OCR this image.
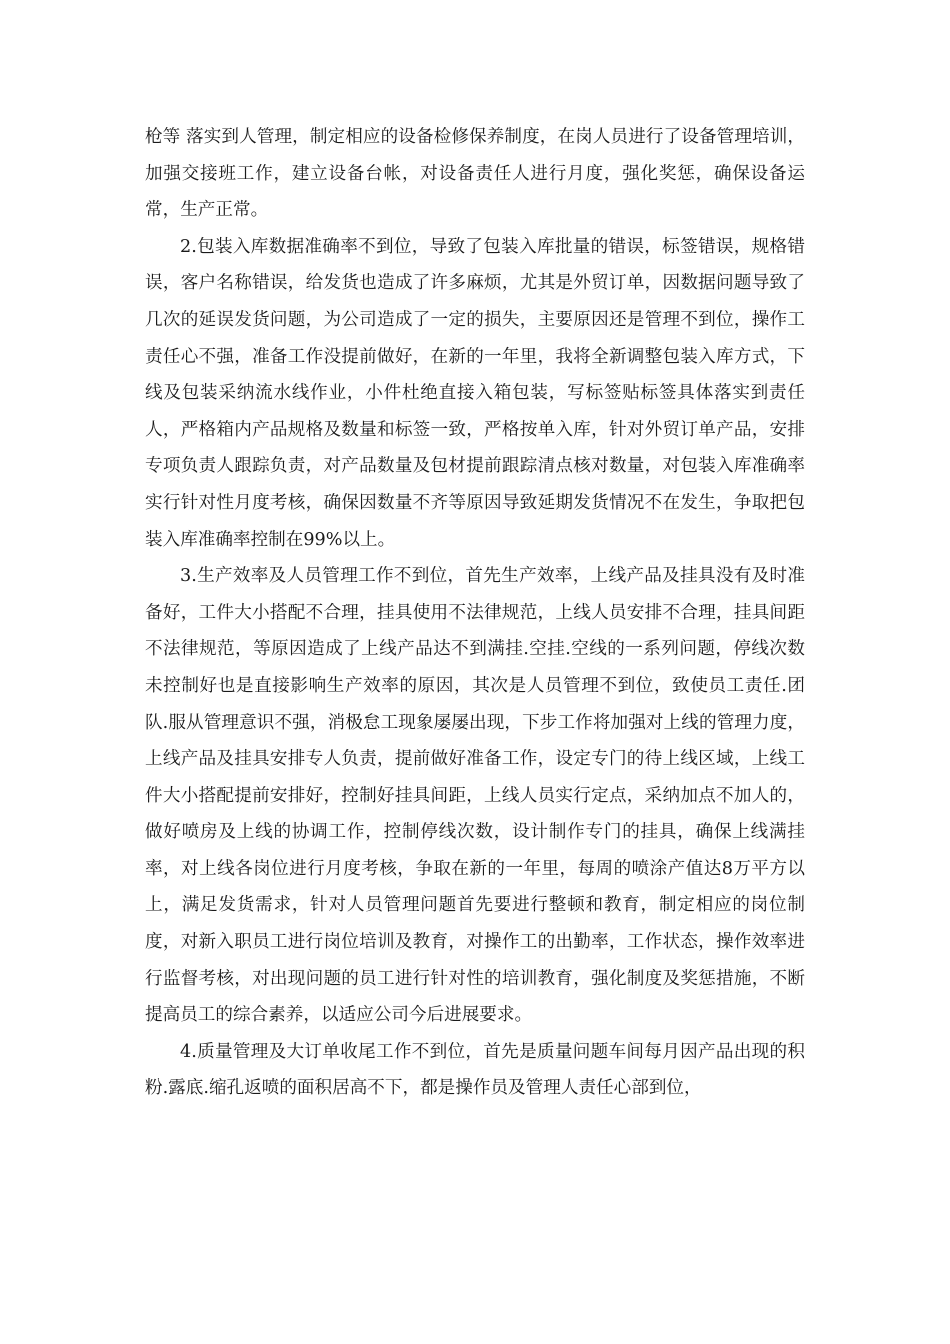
枪等 落实到人管理，制定相应的设备检修保养制度，在岗人员进行了设备管理培训，加强交接班工作，建立设备台帐，对设备责任人进行月度，强化奖惩，确保设备运常，生产正常。

2.包装入库数据准确率不到位，导致了包装入库批量的错误，标签错误，规格错误，客户名称错误，给发货也造成了许多麻烦，尤其是外贸订单，因数据问题导致了几次的延误发货问题，为公司造成了一定的损失，主要原因还是管理不到位，操作工责任心不强，准备工作没提前做好，在新的一年里，我将全新调整包装入库方式，下线及包装采纳流水线作业，小件杜绝直接入箱包装，写标签贴标签具体落实到责任人，严格箱内产品规格及数量和标签一致，严格按单入库，针对外贸订单产品，安排专项负责人跟踪负责，对产品数量及包材提前跟踪清点核对数量，对包装入库准确率实行针对性月度考核，确保因数量不齐等原因导致延期发货情况不在发生，争取把包装入库准确率控制在99%以上。

3.生产效率及人员管理工作不到位，首先生产效率，上线产品及挂具没有及时准备好，工件大小搭配不合理，挂具使用不法律规范，上线人员安排不合理，挂具间距不法律规范，等原因造成了上线产品达不到满挂.空挂.空线的一系列问题，停线次数未控制好也是直接影响生产效率的原因，其次是人员管理不到位，致使员工责任.团队.服从管理意识不强，消极怠工现象屡屡出现，下步工作将加强对上线的管理力度，上线产品及挂具安排专人负责，提前做好准备工作，设定专门的待上线区域，上线工件大小搭配提前安排好，控制好挂具间距，上线人员实行定点，采纳加点不加人的，做好喷房及上线的协调工作，控制停线次数，设计制作专门的挂具，确保上线满挂率，对上线各岗位进行月度考核，争取在新的一年里，每周的喷涂产值达8万平方以上，满足发货需求，针对人员管理问题首先要进行整顿和教育，制定相应的岗位制度，对新入职员工进行岗位培训及教育，对操作工的出勤率，工作状态，操作效率进行监督考核，对出现问题的员工进行针对性的培训教育，强化制度及奖惩措施，不断提高员工的综合素养，以适应公司今后进展要求。

4.质量管理及大订单收尾工作不到位，首先是质量问题车间每月因产品出现的积粉.露底.缩孔返喷的面积居高不下，都是操作员及管理人责任心部到位，
